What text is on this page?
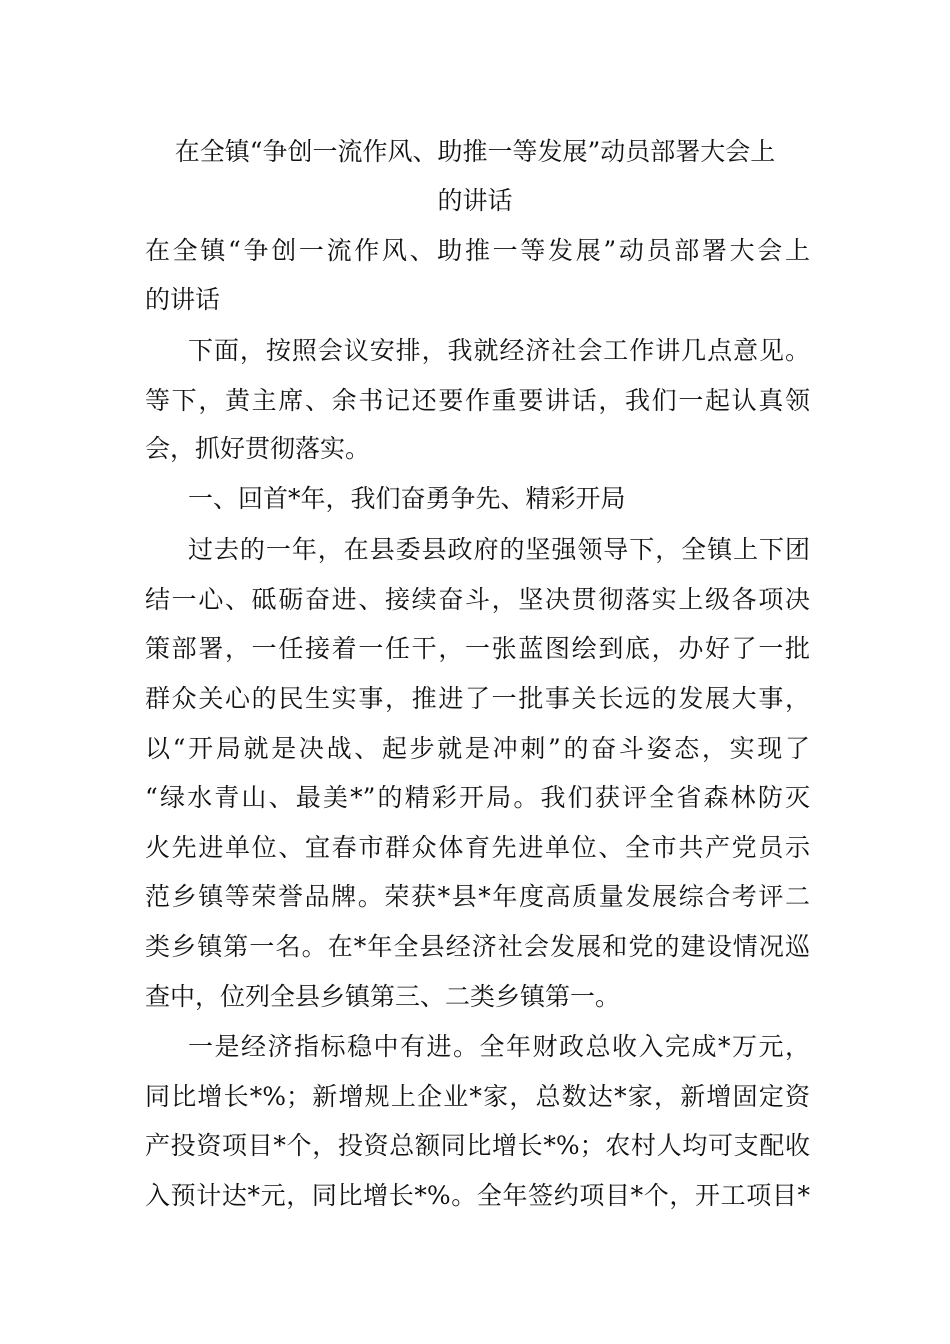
在全镇“争创一流作风、助推一等发展”动员部署大会上
的讲话
在全镇“争创一流作风、助推一等发展”动员部署大会上
的讲话
下面，按照会议安排，我就经济社会工作讲几点意见。
等下，黄主席、余书记还要作重要讲话，我们一起认真领
会，抓好贯彻落实。
一、回首*年，我们奋勇争先、精彩开局
过去的一年，在县委县政府的坚强领导下，全镇上下团
结一心、砥砺奋进、接续奋斗，坚决贯彻落实上级各项决
策部署，一任接着一任干，一张蓝图绘到底，办好了一批
群众关心的民生实事，推进了一批事关长远的发展大事，
以“开局就是决战、起步就是冲刺”的奋斗姿态，实现了
“绿水青山、最美*”的精彩开局。我们获评全省森林防灭
火先进单位、宜春市群众体育先进单位、全市共产党员示
范乡镇等荣誉品牌。荣获*县*年度高质量发展综合考评二
类乡镇第一名。在*年全县经济社会发展和党的建设情况巡
查中，位列全县乡镇第三、二类乡镇第一。
一是经济指标稳中有进。全年财政总收入完成*万元，
同比增长*%；新增规上企业*家，总数达*家，新增固定资
产投资项目*个，投资总额同比增长*%；农村人均可支配收
入预计达*元，同比增长*%。全年签约项目*个，开工项目*
